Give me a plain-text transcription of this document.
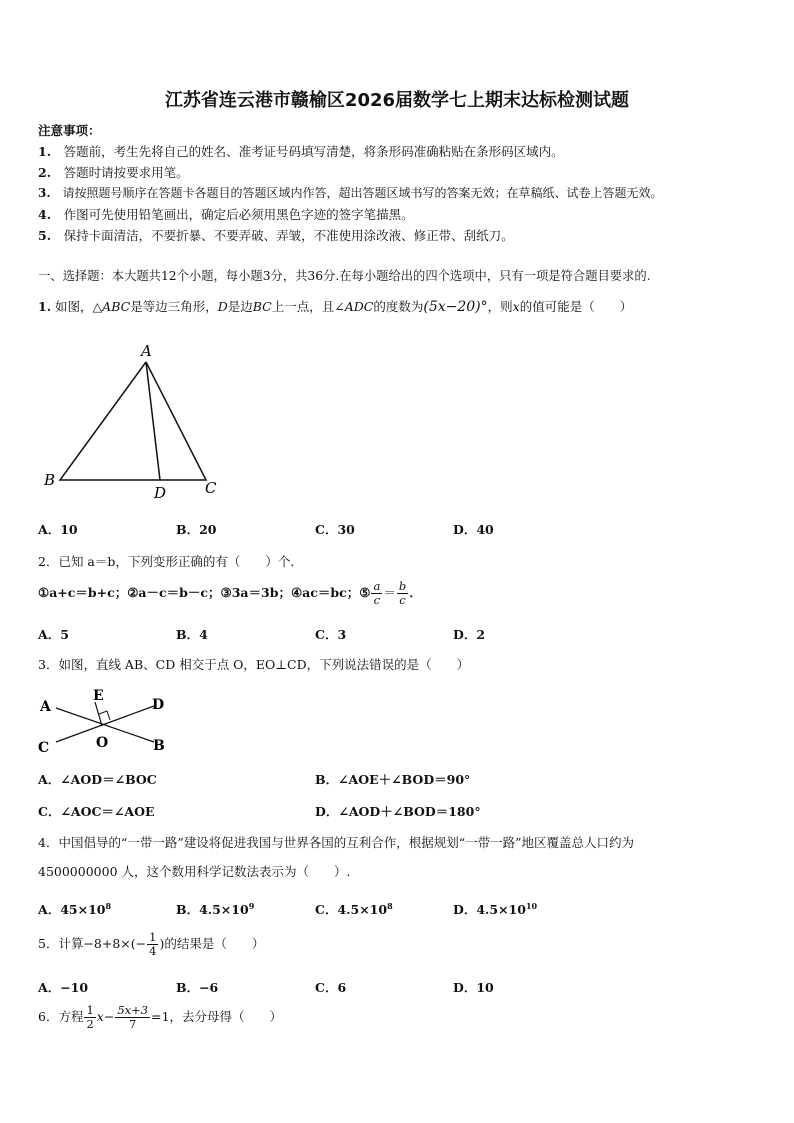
江苏省连云港市赣榆区2026届数学七上期末达标检测试题
注意事项：
1.　 答题前，考生先将自己的姓名、准考证号码填写清楚，将条形码准确粘贴在条形码区域内。
2.　 答题时请按要求用笔。
3.　 请按照题号顺序在答题卡各题目的答题区域内作答，超出答题区域书写的答案无效；在草稿纸、试卷上答题无效。
4.　 作图可先使用铅笔画出，确定后必须用黑色字迹的签字笔描黑。
5.　 保持卡面清洁，不要折暴、不要弄破、弄皱，不准使用涂改液、修正带、刮纸刀。
一、选择题：本大题共12个小题，每小题3分，共36分.在每小题给出的四个选项中，只有一项是符合题目要求的.
1. 如图，△ABC是等边三角形，D是边BC上一点，且∠ADC的度数为(5x−20)°，则x的值可能是（　　）
A
B
D	C
A．10	B．20	C．30	D．40
2．已知 a＝b，下列变形正确的有（　　）个．
①a+c＝b+c；②a－c＝b－c；③3a＝3b；④ac＝bc；⑤ $\frac{a}{c} = \frac{b}{c}$ ．
A．5	B．4	C．3	D．2
3．如图，直线 AB、CD 相交于点 O，EO⊥CD，下列说法错误的是（　　）
A
E
D
C	O	B
A．∠AOD＝∠BOC	B．∠AOE＋∠BOD＝90°
C．∠AOC＝∠AOE	D．∠AOD＋∠BOD＝180°
4．中国倡导的“一带一路”建设将促进我国与世界各国的互利合作，根据规划“一带一路”地区覆盖总人口约为
4500000000 人，这个数用科学记数法表示为（　　）.
A．$45\times 10^8$	B．$4.5\times 10^9$	C．$4.5\times 10^8$	D．$4.5\times 10^{10}$
5．计算$-8+8\times(- \frac{1}{4}$ )的结果是（　　）
A．−10	B．−6	C．6	D．10
6．方程 $\frac{1}{2} x- \frac{5x+3}{7} =1$，去分母得（　　）
